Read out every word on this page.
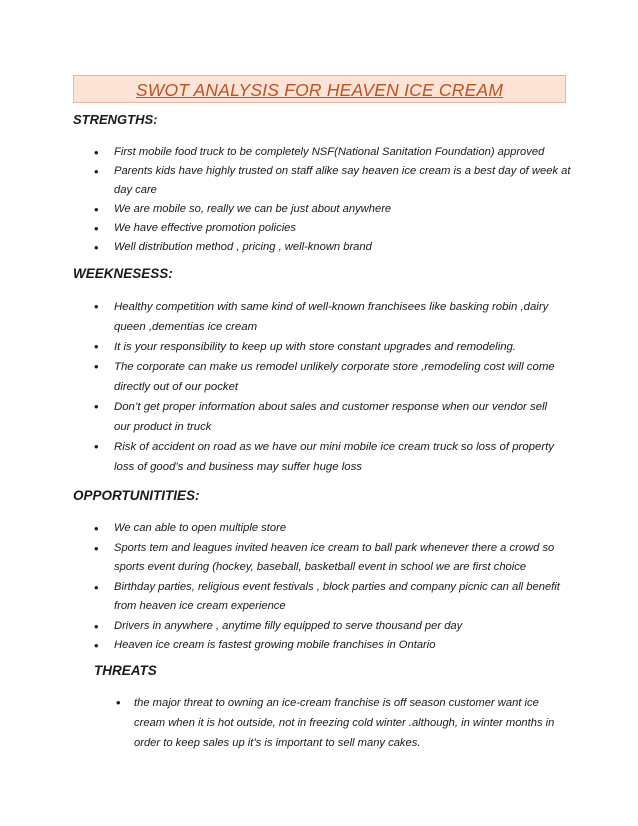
SWOT ANALYSIS FOR HEAVEN ICE CREAM
STRENGTHS:
• First mobile food truck to be completely NSF(National Sanitation Foundation) approved
• Parents kids have highly trusted on staff alike say heaven ice cream is a best day of week at day care
• We are mobile so, really we can be just about anywhere
• We have effective promotion policies
• Well distribution method , pricing , well-known brand
WEEKNESESS:
• Healthy competition with same kind of well-known franchisees like basking robin ,dairy queen ,dementias ice cream
• It is your responsibility to keep up with store constant upgrades and remodeling.
• The corporate can make us remodel unlikely corporate store ,remodeling cost will come directly out of our pocket
• Don’t get proper information about sales and customer response when our vendor sell our product in truck
• Risk of accident on road as we have our mini mobile ice cream truck so loss of property loss of good’s and business may suffer huge loss
OPPORTUNITITIES:
• We can able to open multiple store
• Sports tem and leagues invited heaven ice cream to ball park whenever there a crowd so sports event during (hockey, baseball, basketball event in school we are first choice
• Birthday parties, religious event festivals , block parties and company picnic can all benefit from heaven ice cream experience
• Drivers in anywhere , anytime filly equipped to serve thousand per day
• Heaven ice cream is fastest growing mobile franchises in Ontario
THREATS
• the major threat to owning an ice-cream franchise is off season customer want ice cream when it is hot outside, not in freezing cold winter .although, in winter months in order to keep sales up it’s is important to sell many cakes.
